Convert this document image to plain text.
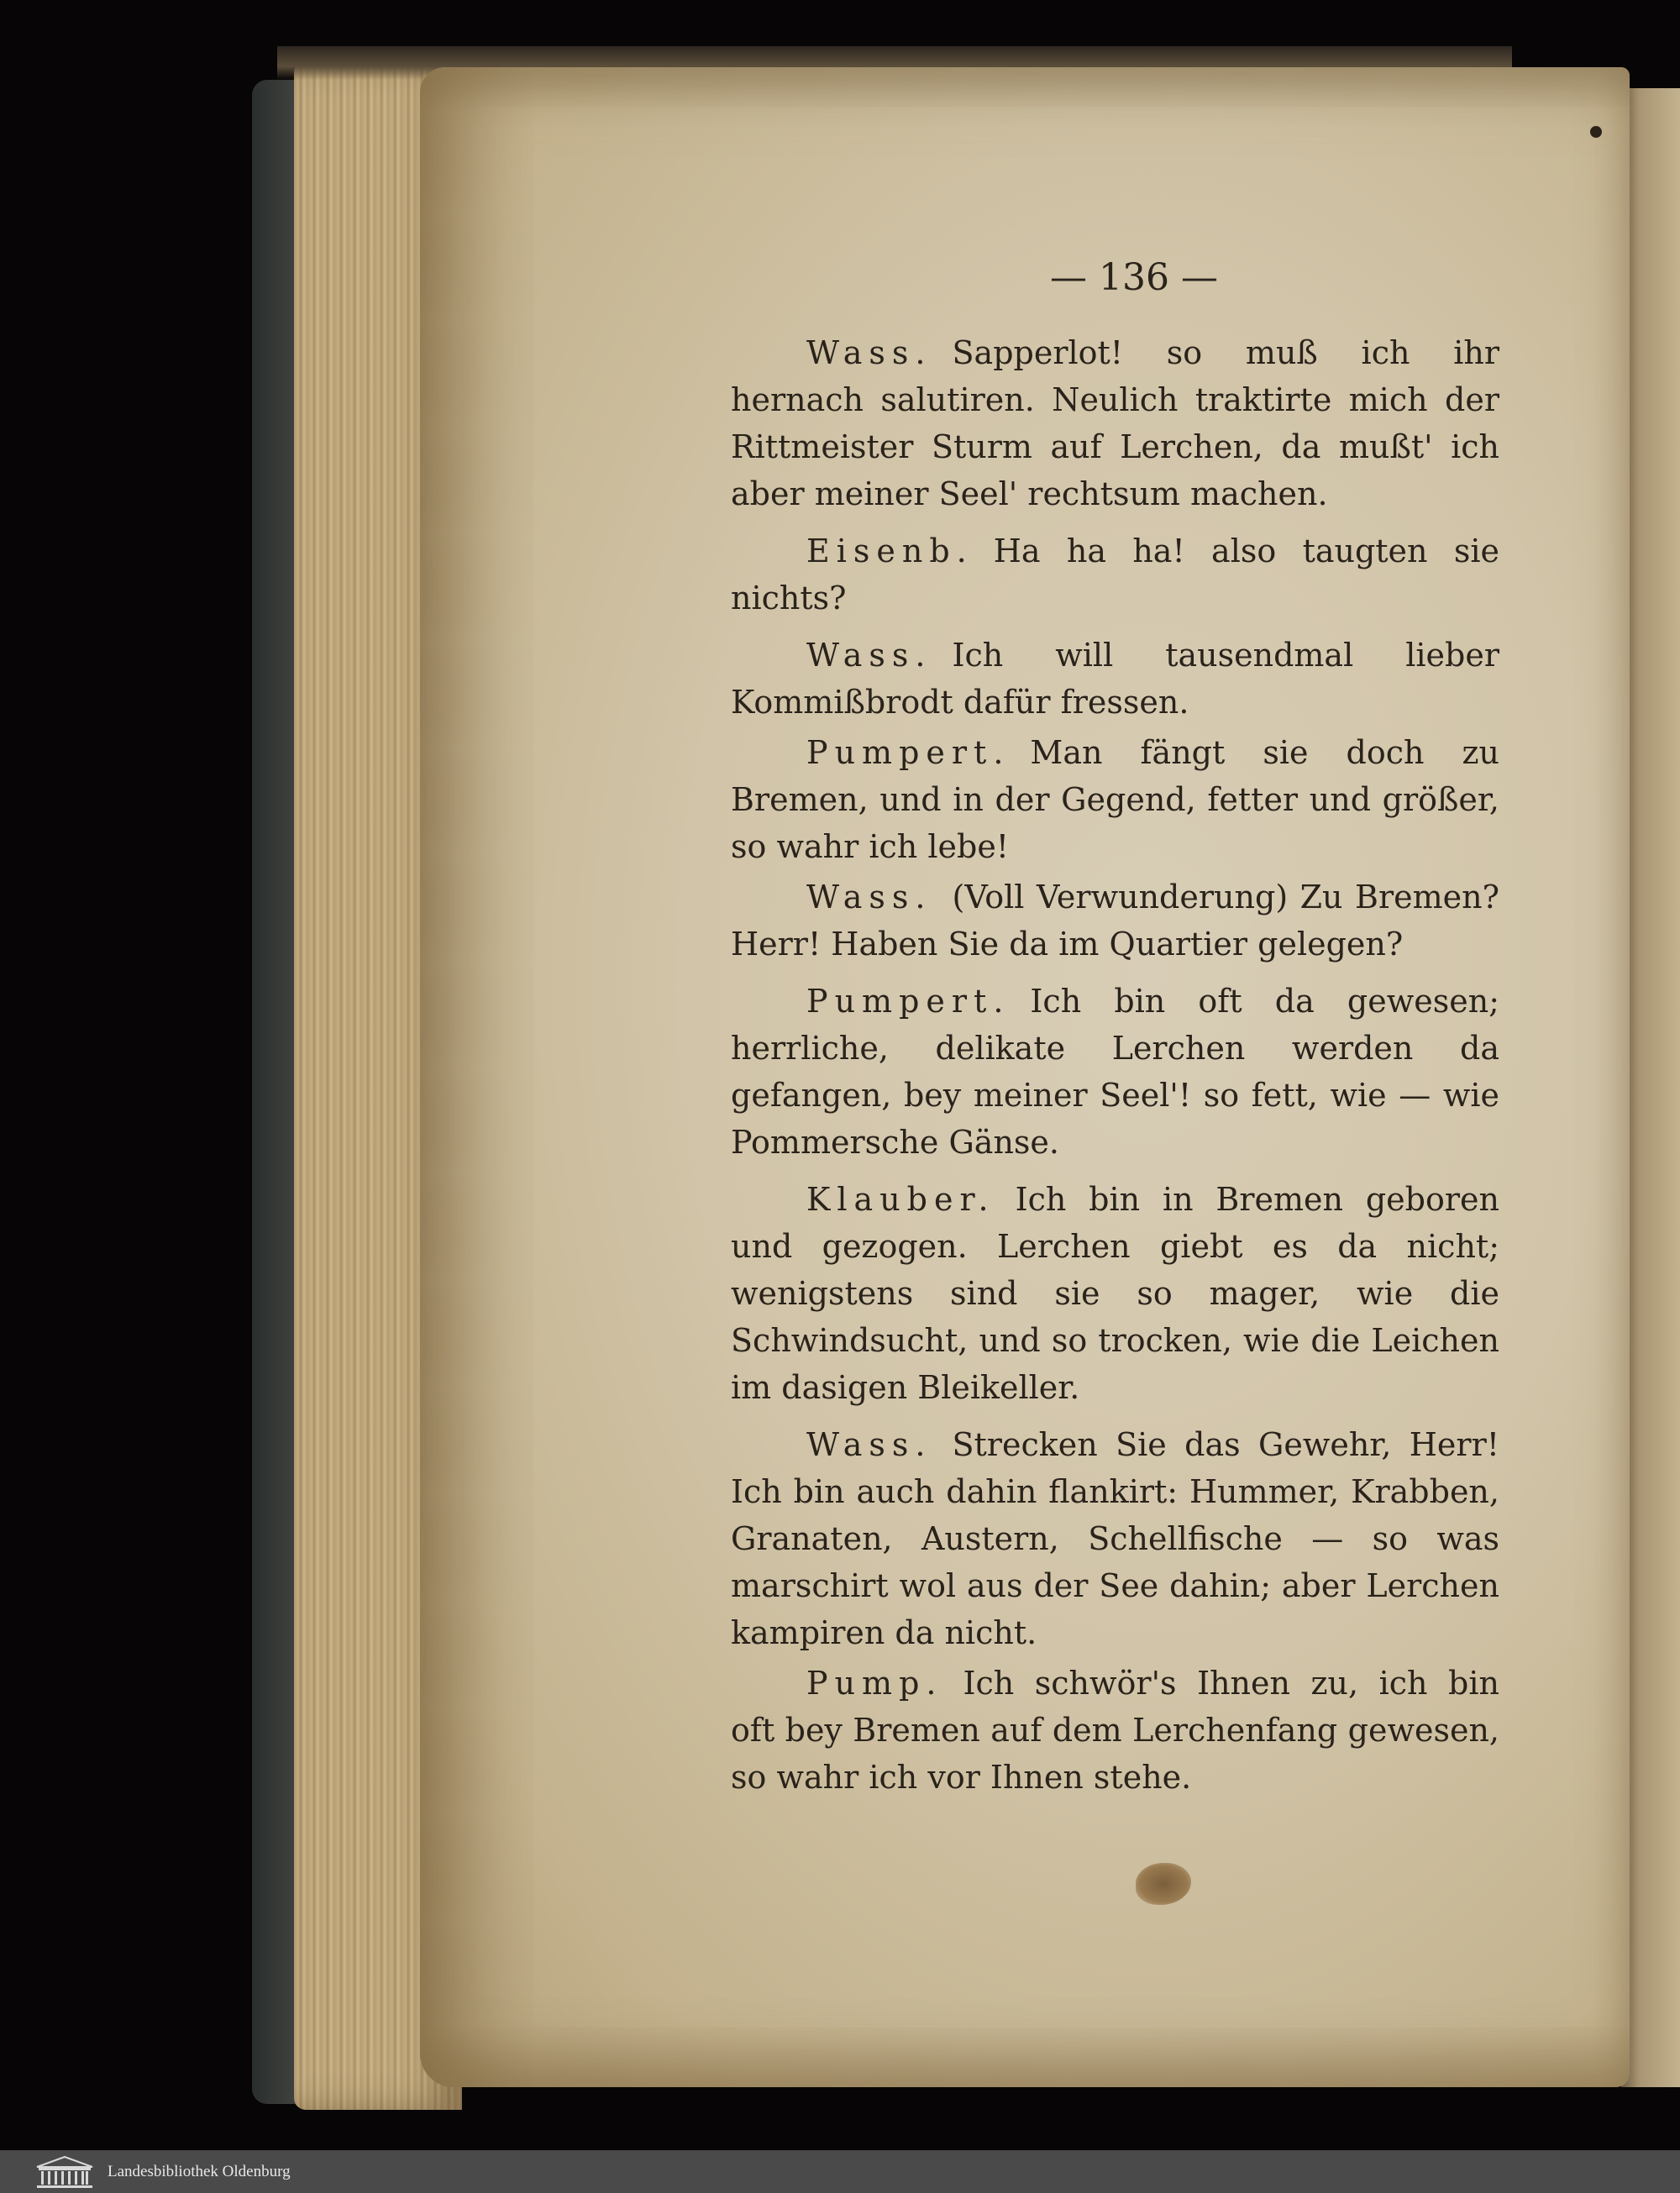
— 136 —

Wass. Sapperlot! so muß ich ihr hernach salutiren. Neulich traktirte mich der Rittmeister Sturm auf Lerchen, da mußt' ich aber meiner Seel' rechtsum machen.

Eisenb. Ha ha ha! also taugten sie nichts?

Wass. Ich will tausendmal lieber Kommißbrodt dafür fressen.

Pumpert. Man fängt sie doch zu Bremen, und in der Gegend, fetter und größer, so wahr ich lebe!

Wass. (Voll Verwunderung) Zu Bremen? Herr! Haben Sie da im Quartier gelegen?

Pumpert. Ich bin oft da gewesen; herrliche, delikate Lerchen werden da gefangen, bey meiner Seel'! so fett, wie — wie Pommersche Gänse.

Klauber. Ich bin in Bremen geboren und gezogen. Lerchen giebt es da nicht; wenigstens sind sie so mager, wie die Schwindsucht, und so trocken, wie die Leichen im dasigen Bleikeller.

Wass. Strecken Sie das Gewehr, Herr! Ich bin auch dahin flankirt: Hummer, Krabben, Granaten, Austern, Schellfische — so was marschirt wol aus der See dahin; aber Lerchen kampiren da nicht.

Pump. Ich schwör's Ihnen zu, ich bin oft bey Bremen auf dem Lerchenfang gewesen, so wahr ich vor Ihnen stehe.

Landesbibliothek Oldenburg
